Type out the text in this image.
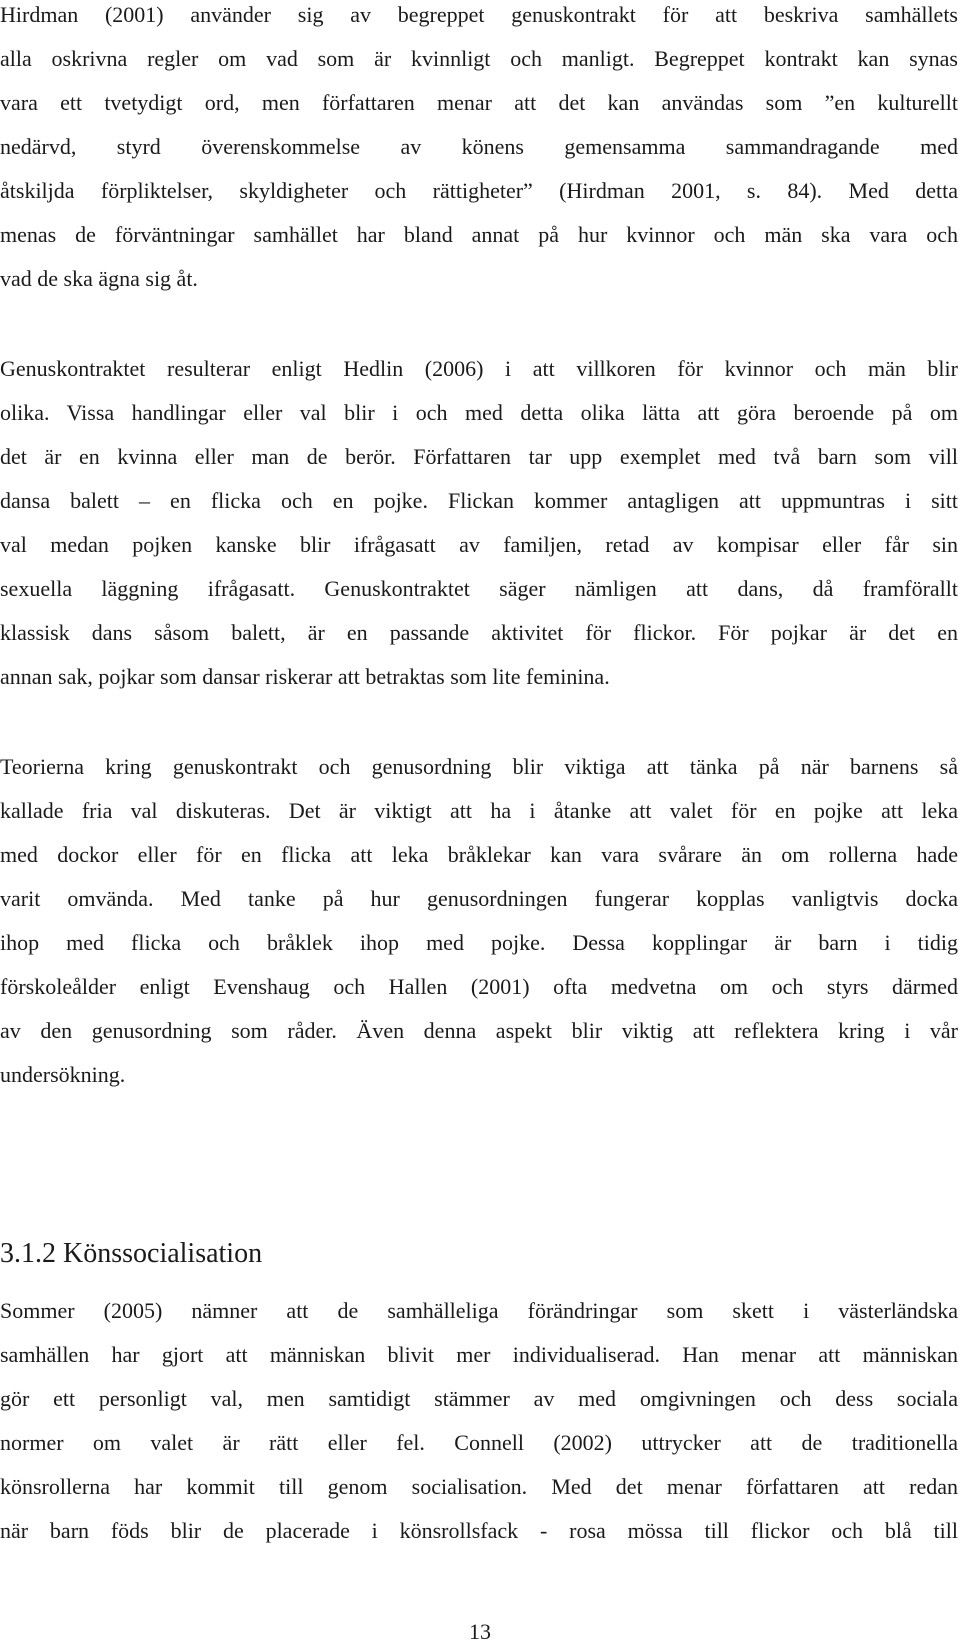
Hirdman (2001) använder sig av begreppet genuskontrakt för att beskriva samhällets
alla oskrivna regler om vad som är kvinnligt och manligt. Begreppet kontrakt kan synas
vara ett tvetydigt ord, men författaren menar att det kan användas som ”en kulturellt
nedärvd, styrd överenskommelse av könens gemensamma sammandragande med
åtskiljda förpliktelser, skyldigheter och rättigheter” (Hirdman 2001, s. 84). Med detta
menas de förväntningar samhället har bland annat på hur kvinnor och män ska vara och
vad de ska ägna sig åt.
Genuskontraktet resulterar enligt Hedlin (2006) i att villkoren för kvinnor och män blir
olika. Vissa handlingar eller val blir i och med detta olika lätta att göra beroende på om
det är en kvinna eller man de berör. Författaren tar upp exemplet med två barn som vill
dansa balett – en flicka och en pojke. Flickan kommer antagligen att uppmuntras i sitt
val medan pojken kanske blir ifrågasatt av familjen, retad av kompisar eller får sin
sexuella läggning ifrågasatt. Genuskontraktet säger nämligen att dans, då framförallt
klassisk dans såsom balett, är en passande aktivitet för flickor. För pojkar är det en
annan sak, pojkar som dansar riskerar att betraktas som lite feminina.
Teorierna kring genuskontrakt och genusordning blir viktiga att tänka på när barnens så
kallade fria val diskuteras. Det är viktigt att ha i åtanke att valet för en pojke att leka
med dockor eller för en flicka att leka bråklekar kan vara svårare än om rollerna hade
varit omvända. Med tanke på hur genusordningen fungerar kopplas vanligtvis docka
ihop med flicka och bråklek ihop med pojke. Dessa kopplingar är barn i tidig
förskoleålder enligt Evenshaug och Hallen (2001) ofta medvetna om och styrs därmed
av den genusordning som råder. Även denna aspekt blir viktig att reflektera kring i vår
undersökning.
3.1.2 Könssocialisation
Sommer (2005) nämner att de samhälleliga förändringar som skett i västerländska
samhällen har gjort att människan blivit mer individualiserad. Han menar att människan
gör ett personligt val, men samtidigt stämmer av med omgivningen och dess sociala
normer om valet är rätt eller fel. Connell (2002) uttrycker att de traditionella
könsrollerna har kommit till genom socialisation. Med det menar författaren att redan
när barn föds blir de placerade i könsrollsfack - rosa mössa till flickor och blå till
13
